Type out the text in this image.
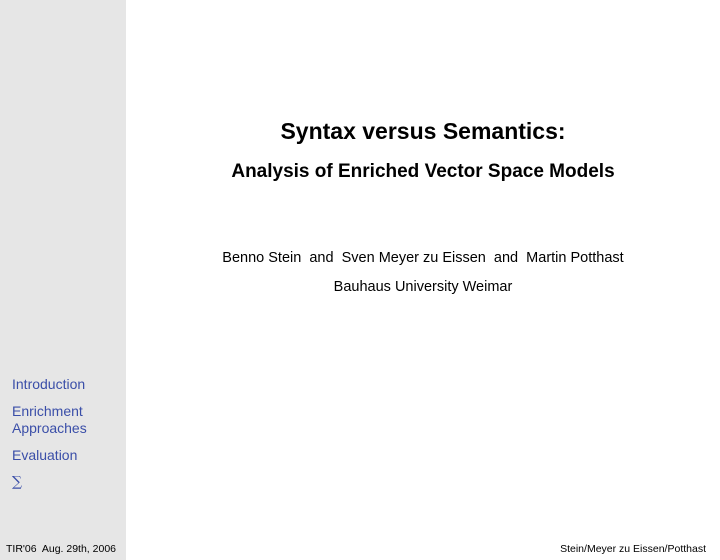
Introduction
Enrichment Approaches
Evaluation
∑
Syntax versus Semantics:
Analysis of Enriched Vector Space Models
Benno Stein  and  Sven Meyer zu Eissen  and  Martin Potthast
Bauhaus University Weimar
TIR'06  Aug. 29th, 2006	Stein/Meyer zu Eissen/Potthast
